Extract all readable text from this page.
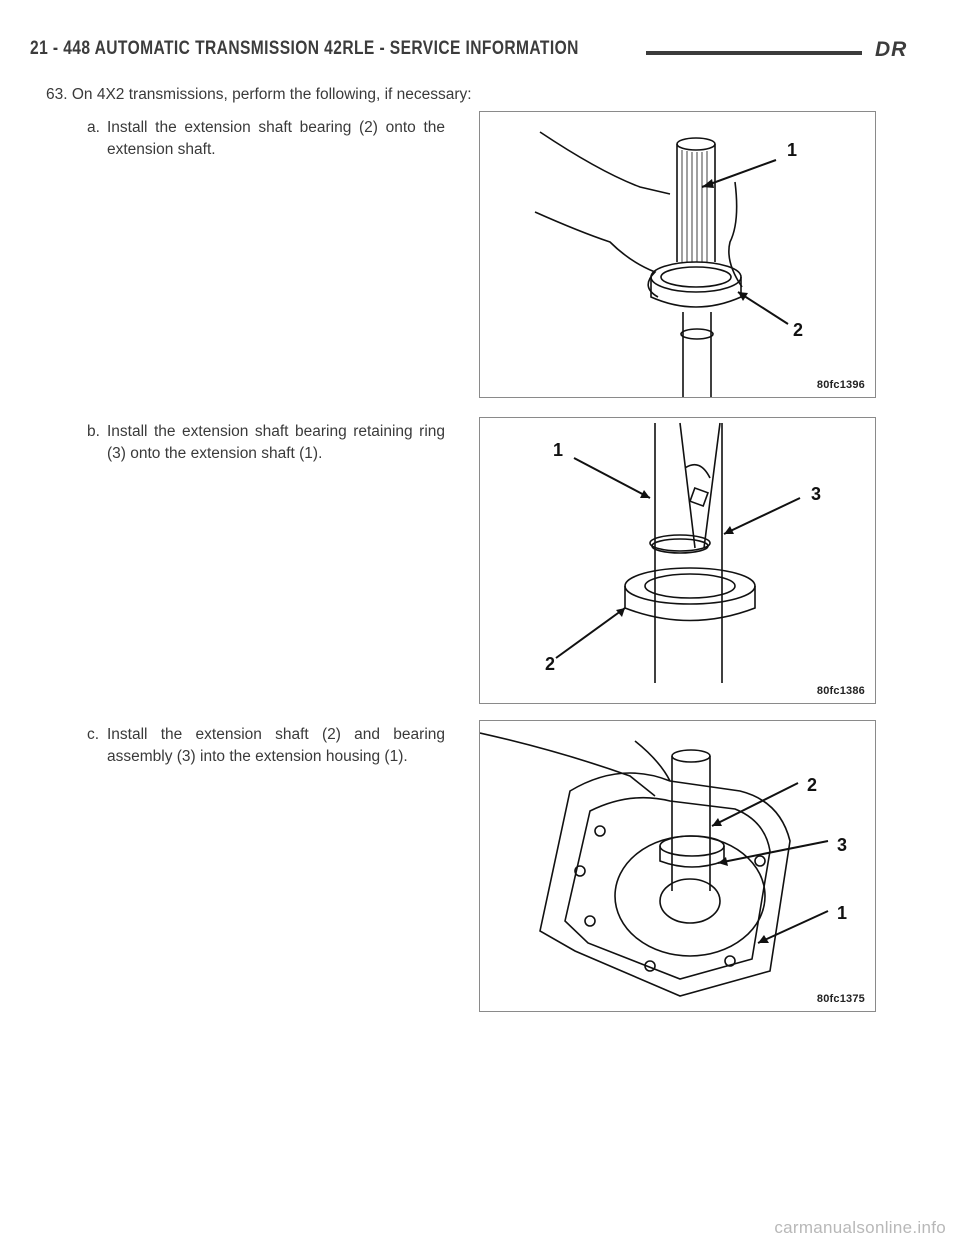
21 - 448 AUTOMATIC TRANSMISSION 42RLE - SERVICE INFORMATION	DR
63. On 4X2 transmissions, perform the following, if necessary:
a. Install the extension shaft bearing (2) onto the extension shaft.	1
2
80fc1396
b. Install the extension shaft bearing retaining ring (3) onto the extension shaft (1).	1
3
2
80fc1386
c. Install the extension shaft (2) and bearing assembly (3) into the extension housing (1).
2
3
1
80fc1375
carmanualsonline.info
